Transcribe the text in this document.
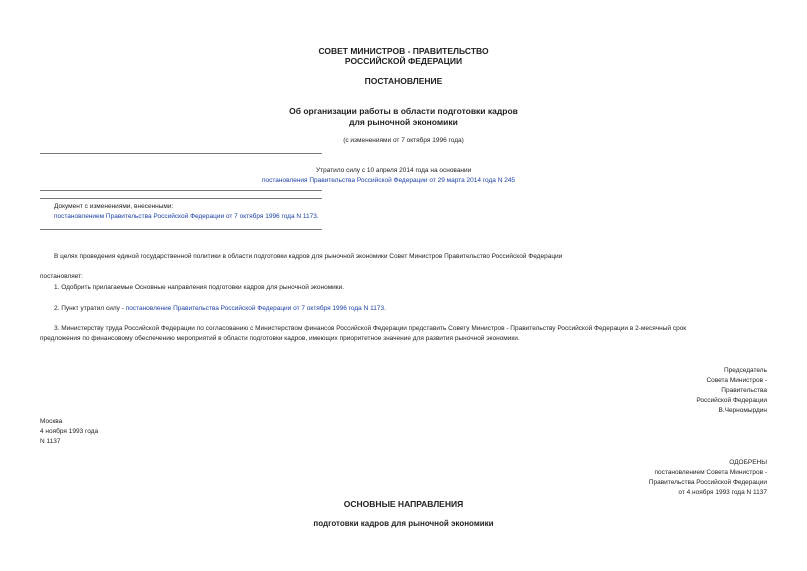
СОВЕТ МИНИСТРОВ - ПРАВИТЕЛЬСТВО
РОССИЙСКОЙ ФЕДЕРАЦИИ
ПОСТАНОВЛЕНИЕ
Об организации работы в области подготовки кадров
для рыночной экономики
(с изменениями от 7 октября 1996 года)
Утратило силу с 10 апреля 2014 года на основании
постановления Правительства Российской Федерации от 29 марта 2014 года N 245
Документ с изменениями, внесенными:
постановлением Правительства Российской Федерации от 7 октября 1996 года N 1173.
В целях проведения единой государственной политики в области подготовки кадров для рыночной экономики Совет Министров Правительство Российской Федерации
постановляет:
1. Одобрить прилагаемые Основные направления подготовки кадров для рыночной экономики.
2. Пункт утратил силу - постановление Правительства Российской Федерации от 7 октября 1996 года N 1173.
3. Министерству труда Российской Федерации по согласованию с Министерством финансов Российской Федерации представить Совету Министров - Правительству Российской Федерации в 2-месячный срок
предложения по финансовому обеспечению мероприятий в области подготовки кадров, имеющих приоритетное значение для развития рыночной экономики.
Председатель
Совета Министров -
Правительства
Российской Федерации
В.Черномырдин
Москва
4 ноября 1993 года
N 1137
ОДОБРЕНЫ
постановлением Совета Министров -
Правительства Российской Федерации
от 4 ноября 1993 года N 1137
ОСНОВНЫЕ НАПРАВЛЕНИЯ
подготовки кадров для рыночной экономики
